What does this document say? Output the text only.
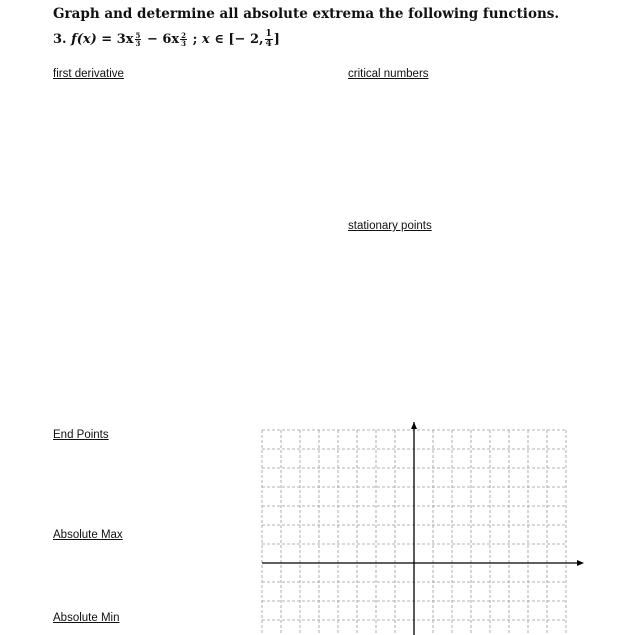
Graph and determine all absolute extrema the following functions.
3.
f(x)
=
$3x \frac{5}{3}$
−
$6x \frac{2}{3}$
;
x
∈
[− 2, $\frac{1}{4}$ ]
first derivative	critical numbers
stationary points
End Points
Absolute Max
Absolute Min
